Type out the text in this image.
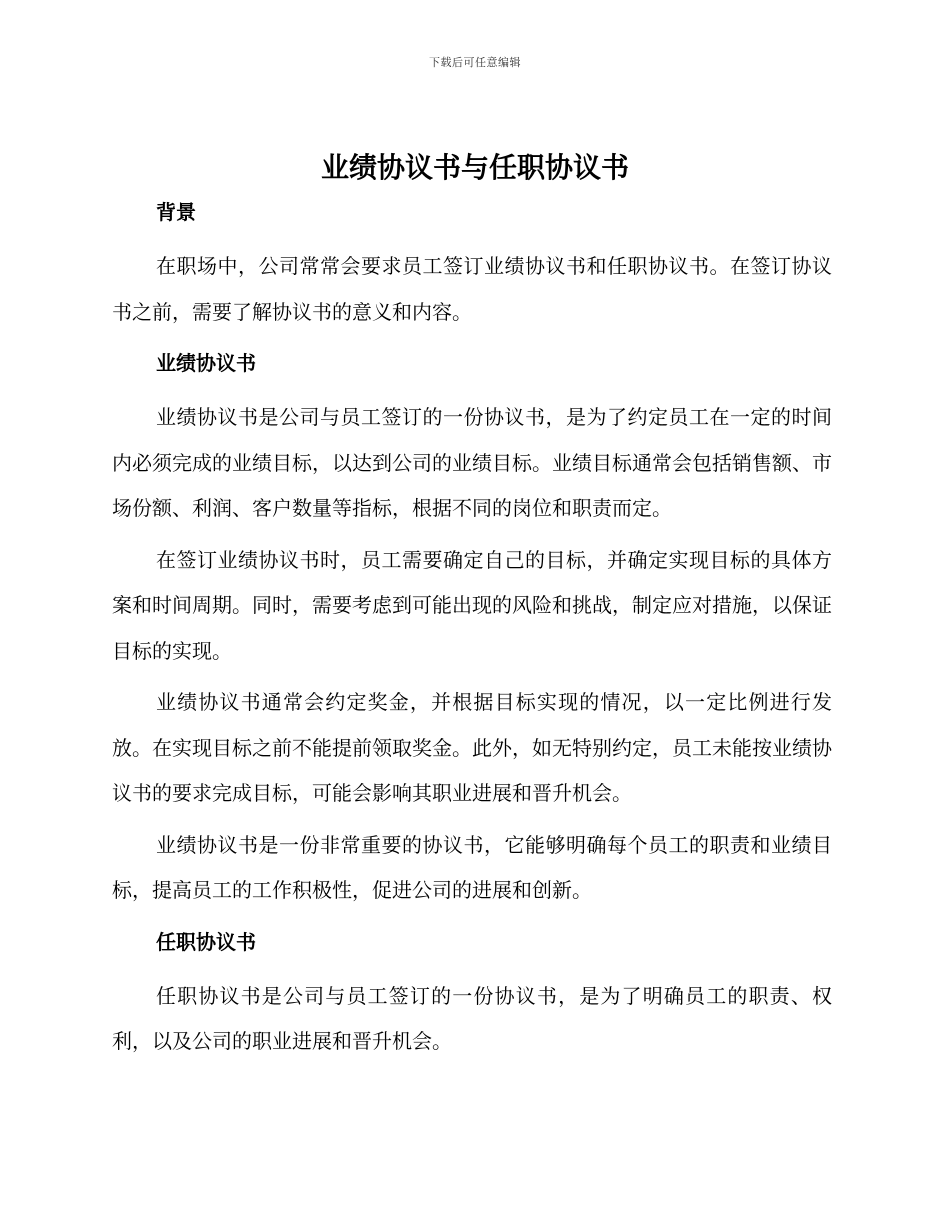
下载后可任意编辑
业绩协议书与任职协议书
背景

在职场中，公司常常会要求员工签订业绩协议书和任职协议书。在签订协议书之前，需要了解协议书的意义和内容。

业绩协议书

业绩协议书是公司与员工签订的一份协议书，是为了约定员工在一定的时间内必须完成的业绩目标，以达到公司的业绩目标。业绩目标通常会包括销售额、市场份额、利润、客户数量等指标，根据不同的岗位和职责而定。

在签订业绩协议书时，员工需要确定自己的目标，并确定实现目标的具体方案和时间周期。同时，需要考虑到可能出现的风险和挑战，制定应对措施，以保证目标的实现。

业绩协议书通常会约定奖金，并根据目标实现的情况，以一定比例进行发放。在实现目标之前不能提前领取奖金。此外，如无特别约定，员工未能按业绩协议书的要求完成目标，可能会影响其职业进展和晋升机会。

业绩协议书是一份非常重要的协议书，它能够明确每个员工的职责和业绩目标，提高员工的工作积极性，促进公司的进展和创新。

任职协议书

任职协议书是公司与员工签订的一份协议书，是为了明确员工的职责、权利，以及公司的职业进展和晋升机会。
